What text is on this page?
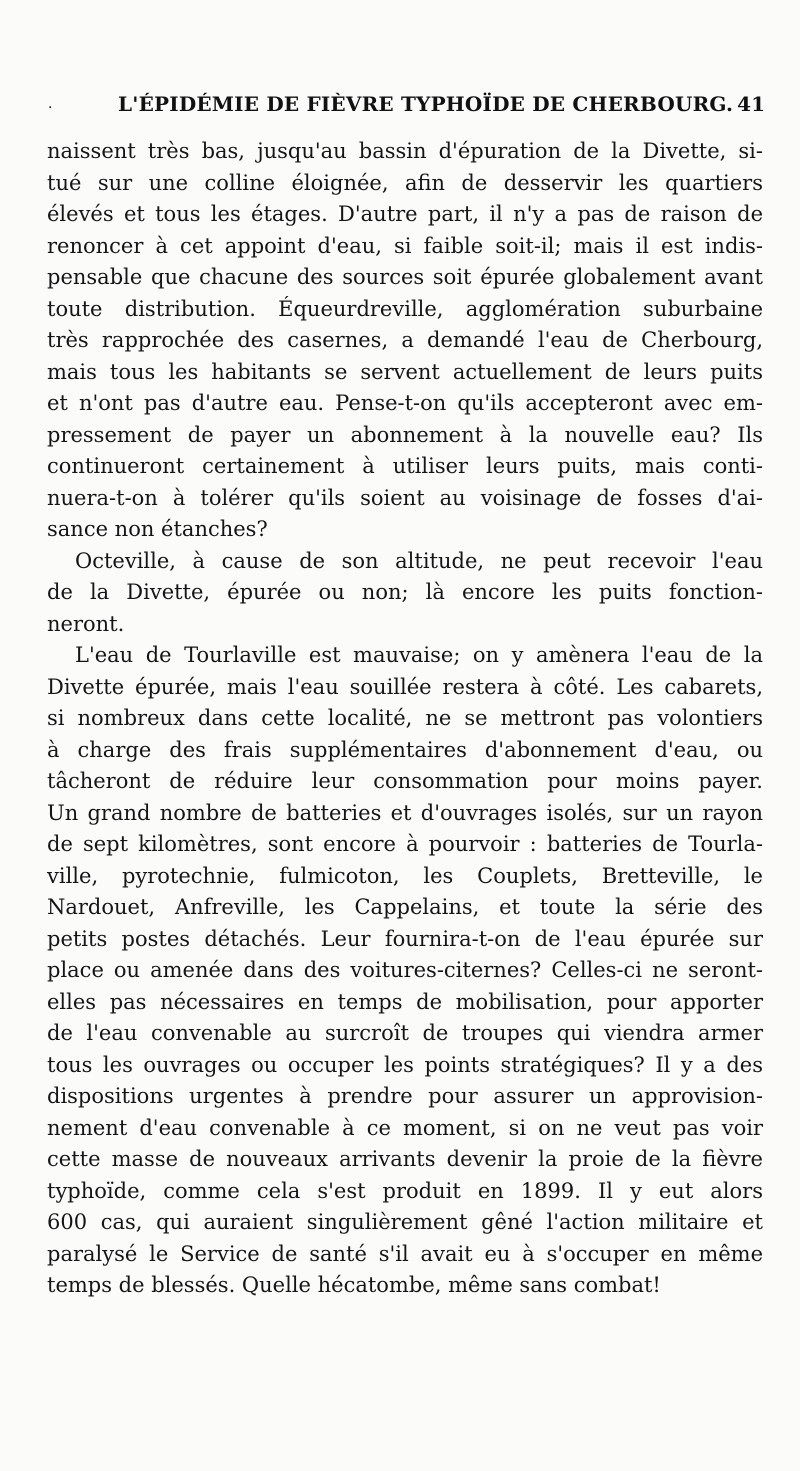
·	L'ÉPIDÉMIE DE FIÈVRE TYPHOÏDE DE CHERBOURG. 41
naissent très bas, jusqu'au bassin d'épuration de la Divette, si-
tué sur une colline éloignée, afin de desservir les quartiers
élevés et tous les étages. D'autre part, il n'y a pas de raison de
renoncer à cet appoint d'eau, si faible soit-il; mais il est indis-
pensable que chacune des sources soit épurée globalement avant
toute distribution. Équeurdreville, agglomération suburbaine
très rapprochée des casernes, a demandé l'eau de Cherbourg,
mais tous les habitants se servent actuellement de leurs puits
et n'ont pas d'autre eau. Pense-t-on qu'ils accepteront avec em-
pressement de payer un abonnement à la nouvelle eau? Ils
continueront certainement à utiliser leurs puits, mais conti-
nuera-t-on à tolérer qu'ils soient au voisinage de fosses d'ai-
sance non étanches?
Octeville, à cause de son altitude, ne peut recevoir l'eau
de la Divette, épurée ou non; là encore les puits fonction-
neront.
L'eau de Tourlaville est mauvaise; on y amènera l'eau de la
Divette épurée, mais l'eau souillée restera à côté. Les cabarets,
si nombreux dans cette localité, ne se mettront pas volontiers
à charge des frais supplémentaires d'abonnement d'eau, ou
tâcheront de réduire leur consommation pour moins payer.
Un grand nombre de batteries et d'ouvrages isolés, sur un rayon
de sept kilomètres, sont encore à pourvoir : batteries de Tourla-
ville, pyrotechnie, fulmicoton, les Couplets, Bretteville, le
Nardouet, Anfreville, les Cappelains, et toute la série des
petits postes détachés. Leur fournira-t-on de l'eau épurée sur
place ou amenée dans des voitures-citernes? Celles-ci ne seront-
elles pas nécessaires en temps de mobilisation, pour apporter
de l'eau convenable au surcroît de troupes qui viendra armer
tous les ouvrages ou occuper les points stratégiques? Il y a des
dispositions urgentes à prendre pour assurer un approvision-
nement d'eau convenable à ce moment, si on ne veut pas voir
cette masse de nouveaux arrivants devenir la proie de la fièvre
typhoïde, comme cela s'est produit en 1899. Il y eut alors
600 cas, qui auraient singulièrement gêné l'action militaire et
paralysé le Service de santé s'il avait eu à s'occuper en même
temps de blessés. Quelle hécatombe, même sans combat!
